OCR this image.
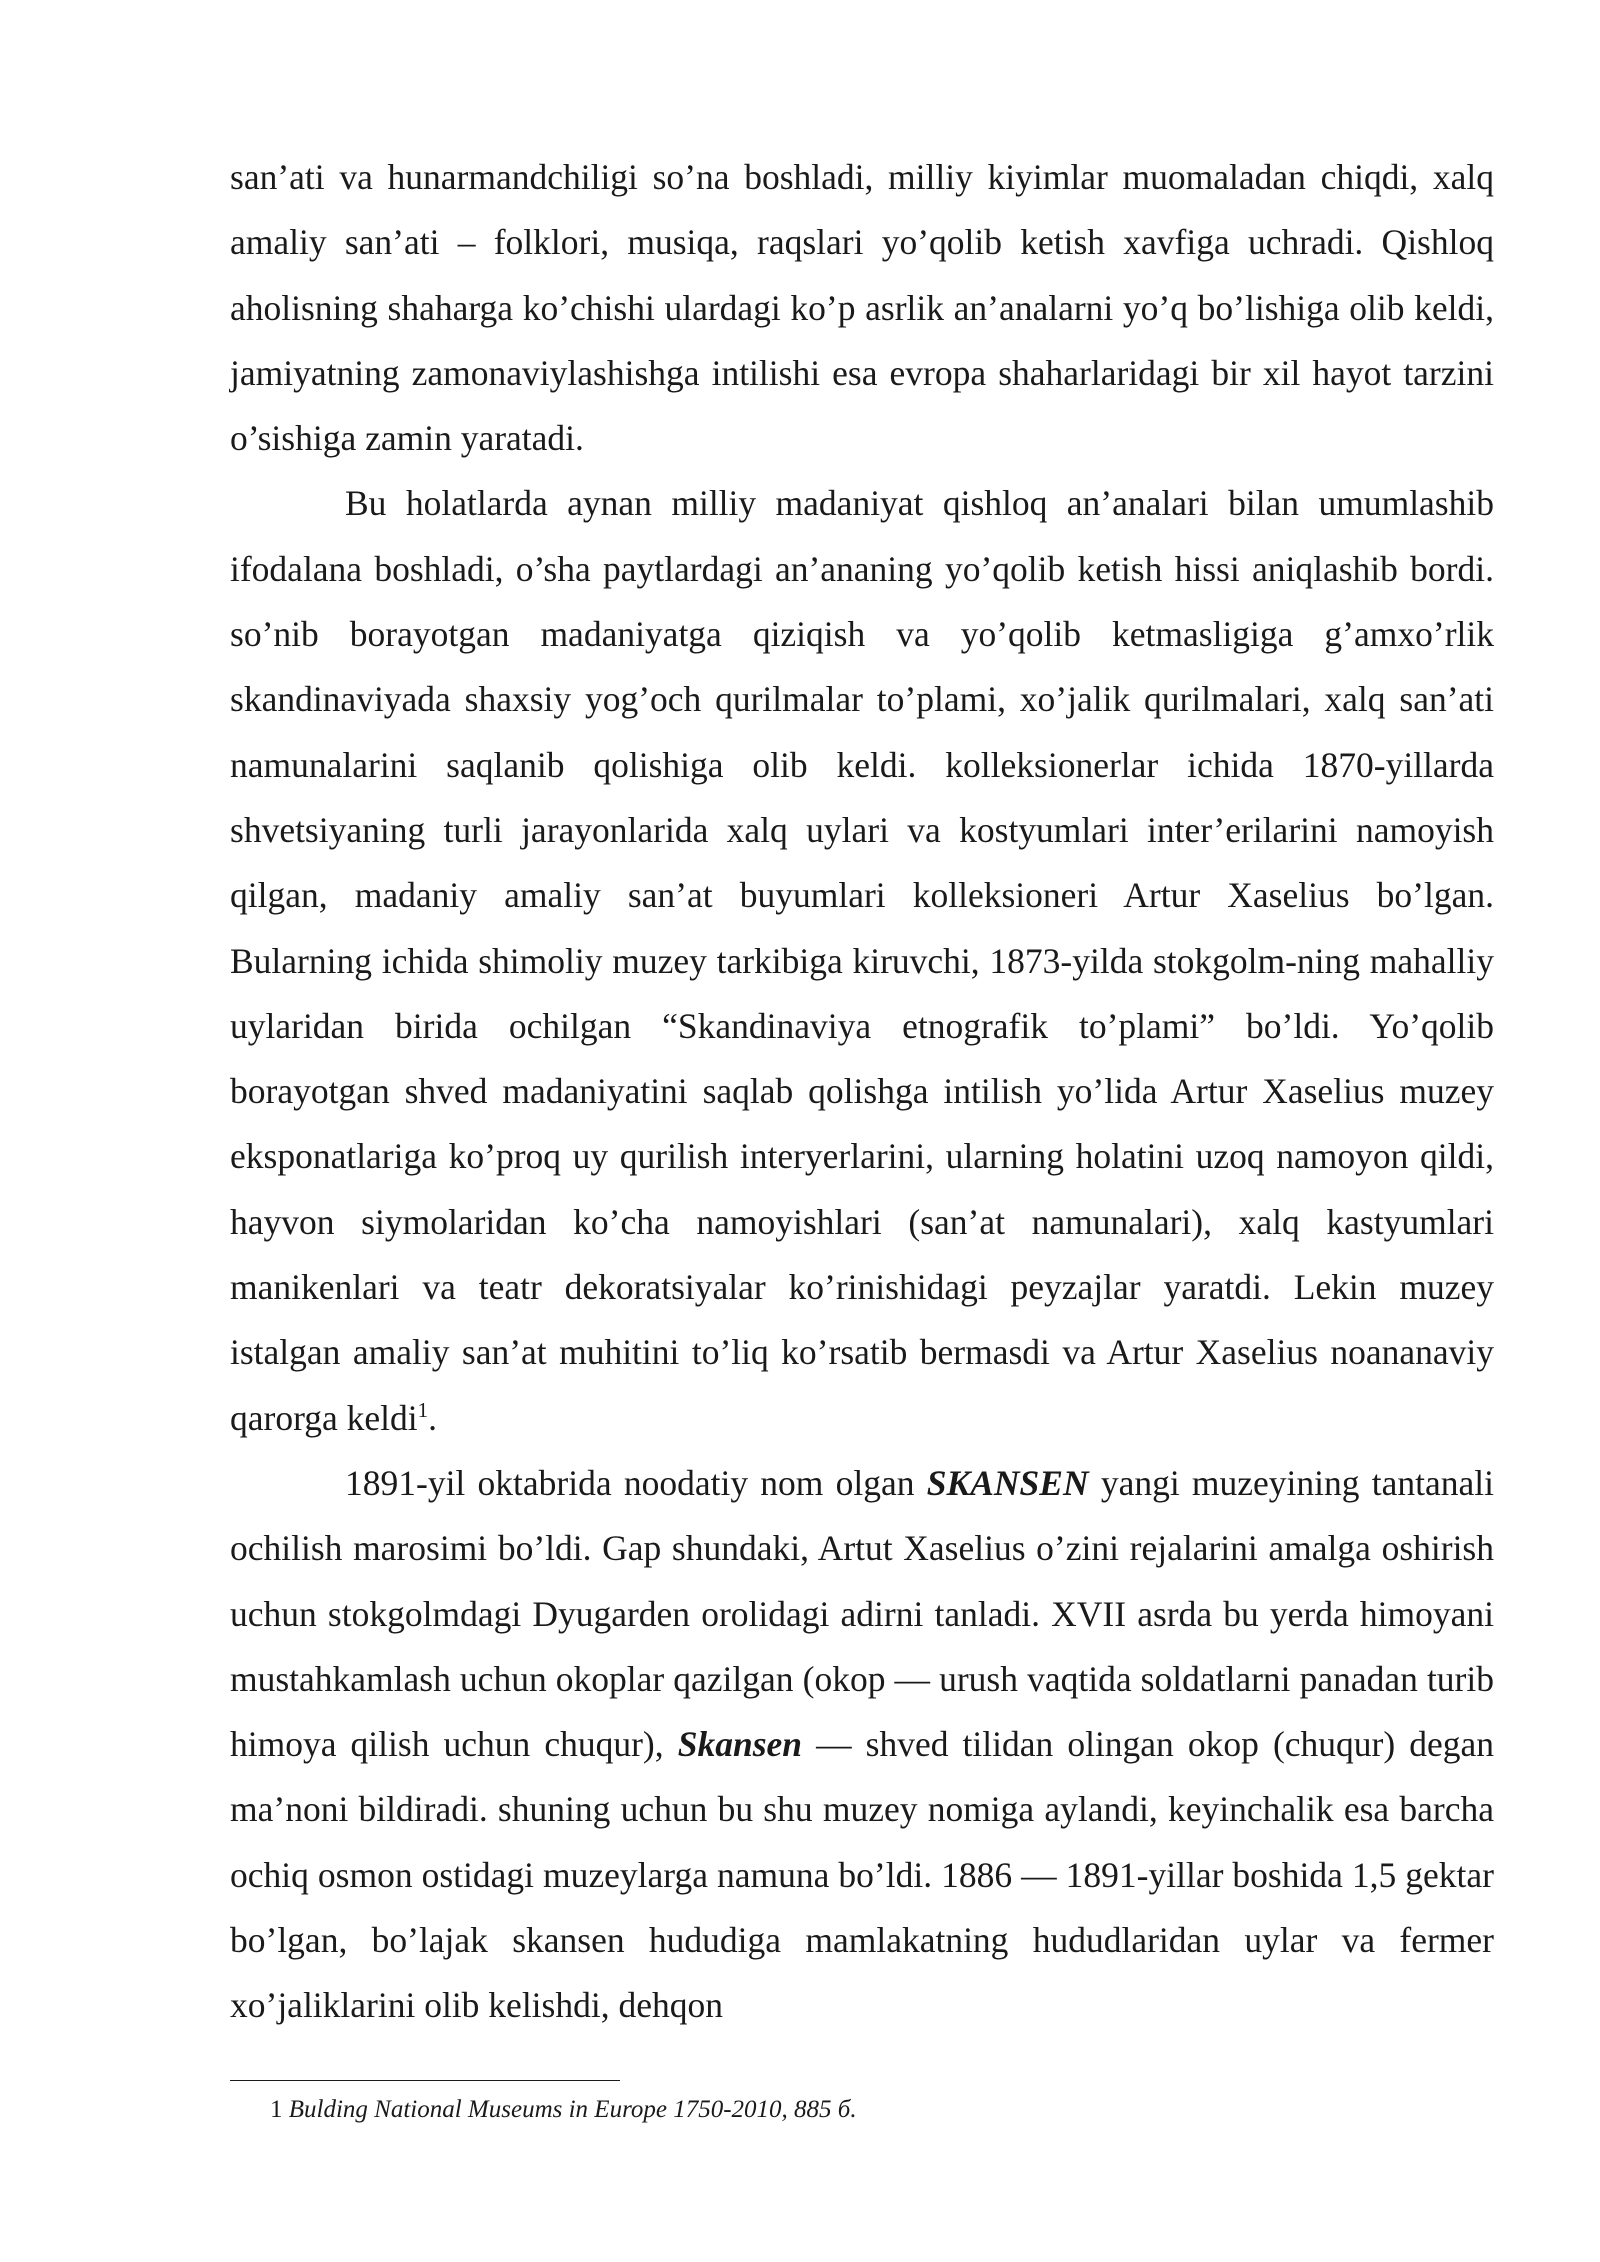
san’ati va hunarmandchiligi so’na boshladi, milliy kiyimlar muomaladan chiqdi, xalq amaliy san’ati – folklori, musiqa, raqslari yo’qolib ketish xavfiga uchradi. Qishloq aholisning shaharga ko’chishi ulardagi ko’p asrlik an’analarni yo’q bo’lishiga olib keldi, jamiyatning zamonaviylashishga intilishi esa evropa shaharlaridagi bir xil hayot tarzini o’sishiga zamin yaratadi.

Bu holatlarda aynan milliy madaniyat qishloq an’analari bilan umumlashib ifodalana boshladi, o’sha paytlardagi an’ananing yo’qolib ketish hissi aniqlashib bordi. so’nib borayotgan madaniyatga qiziqish va yo’qolib ketmasligiga g’amxo’rlik skandinaviyada shaxsiy yog’och qurilmalar to’plami, xo’jalik qurilmalari, xalq san’ati namunalarini saqlanib qolishiga olib keldi. kolleksionerlar ichida 1870-yillarda shvetsiyaning turli jarayonlarida xalq uylari va kostyumlari inter’erilarini namoyish qilgan, madaniy amaliy san’at buyumlari kolleksioneri Artur Xaselius bo’lgan. Bularning ichida shimoliy muzey tarkibiga kiruvchi, 1873-yilda stokgolm-ning mahalliy uylaridan birida ochilgan “Skandinaviya etnografik to’plami” bo’ldi. Yo’qolib borayotgan shved madaniyatini saqlab qolishga intilish yo’lida Artur Xaselius muzey eksponatlariga ko’proq uy qurilish interyerlarini, ularning holatini uzoq namoyon qildi, hayvon siymolaridan ko’cha namoyishlari (san’at namunalari), xalq kastyumlari manikenlari va teatr dekoratsiyalar ko’rinishidagi peyzajlar yaratdi. Lekin muzey istalgan amaliy san’at muhitini to’liq ko’rsatib bermasdi va Artur Xaselius noananaviy qarorga keldi$^1$.

1891-yil oktabrida noodatiy nom olgan SKANSEN yangi muzeyining tantanali ochilish marosimi bo’ldi. Gap shundaki, Artut Xaselius o’zini rejalarini amalga oshirish uchun stokgolmdagi Dyugarden orolidagi adirni tanladi. XVII asrda bu yerda himoyani mustahkamlash uchun okoplar qazilgan (okop — urush vaqtida soldatlarni panadan turib himoya qilish uchun chuqur), Skansen — shved tilidan olingan okop (chuqur) degan ma’noni bildiradi. shuning uchun bu shu muzey nomiga aylandi, keyinchalik esa barcha ochiq osmon ostidagi muzeylarga namuna bo’ldi. 1886 — 1891-yillar boshida 1,5 gektar bo’lgan, bo’lajak skansen hududiga mamlakatning hududlaridan uylar va fermer xo’jaliklarini olib kelishdi, dehqon

1 Bulding National Museums in Europe 1750-2010, 885 б.
